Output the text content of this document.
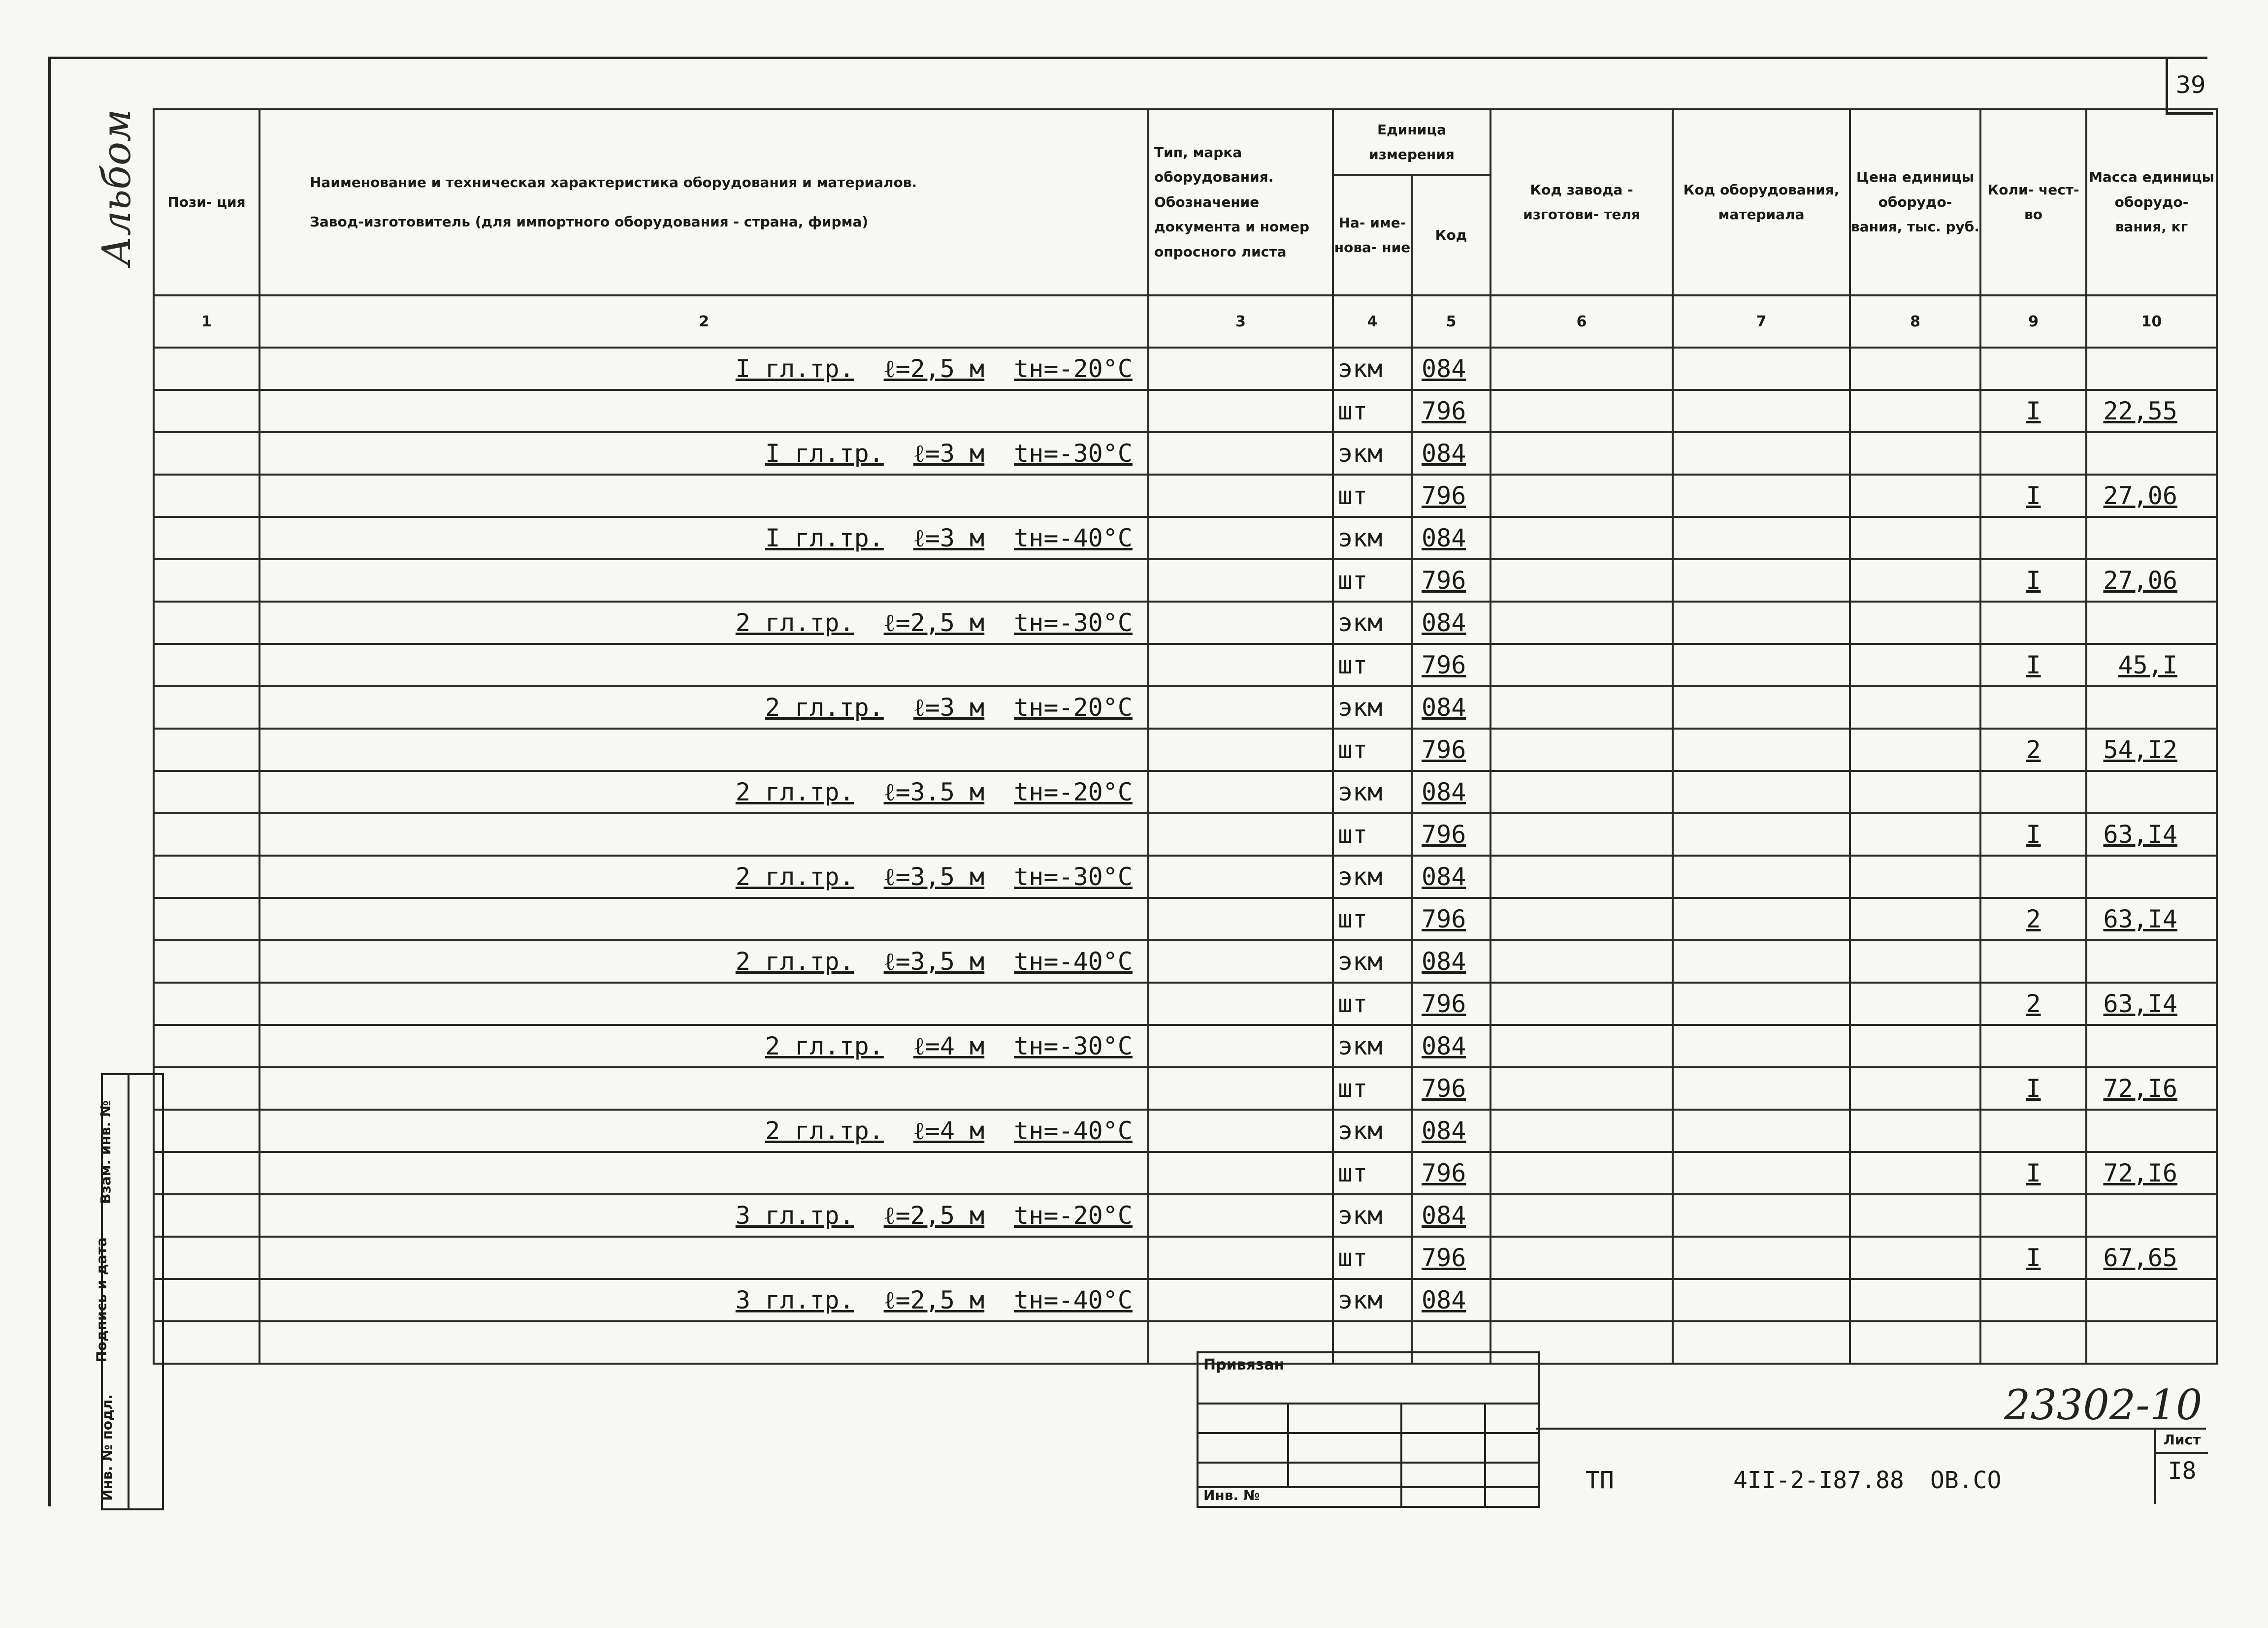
39
Альбом Пози- ция	Наименование и техническая характеристика оборудования и материалов.
Завод-изготовитель (для импортного оборудования - страна, фирма)	Тип, марка оборудования. Обозначение документа и номер опросного листа	Единица измерения		Код завода - изготови- теля	Код оборудования, материала	Цена единицы оборудо- вания, тыс. руб.	Коли- чест- во	Масса единицы оборудо- вания, кг
			На- име- нова- ние	Код					
1	2	3	4	5	6	7	8	9	10
	I гл.тр. ℓ=2,5 м tн=-20°С		экм	084					
			шт	796				I	22,55
	I гл.тр. ℓ=3 м tн=-30°С		экм	084					
			шт	796				I	27,06
	I гл.тр. ℓ=3 м tн=-40°С		экм	084					
			шт	796				I	27,06
	2 гл.тр. ℓ=2,5 м tн=-30°С		экм	084					
			шт	796				I	45,I
	2 гл.тр. ℓ=3 м tн=-20°С		экм	084					
			шт	796				2	54,I2
	2 гл.тр. ℓ=3.5 м tн=-20°С		экм	084					
			шт	796				I	63,I4
	2 гл.тр. ℓ=3,5 м tн=-30°С		экм	084					
			шт	796				2	63,I4
	2 гл.тр. ℓ=3,5 м tн=-40°С		экм	084					
			шт	796				2	63,I4
	2 гл.тр. ℓ=4 м tн=-30°С		экм	084					
			шт	796				I	72,I6
	2 гл.тр. ℓ=4 м tн=-40°С		экм	084					
			шт	796				I	72,I6
	3 гл.тр. ℓ=2,5 м tн=-20°С		экм	084					
			шт	796				I	67,65
	3 гл.тр. ℓ=2,5 м tн=-40°С		экм	084					

Инв. № подл.
Подпись и дата
Взам. инв. №
Привязан
Инв. №
23302-10
ТП	4II-2-I87.88 ОВ.СО
Лист
I8
